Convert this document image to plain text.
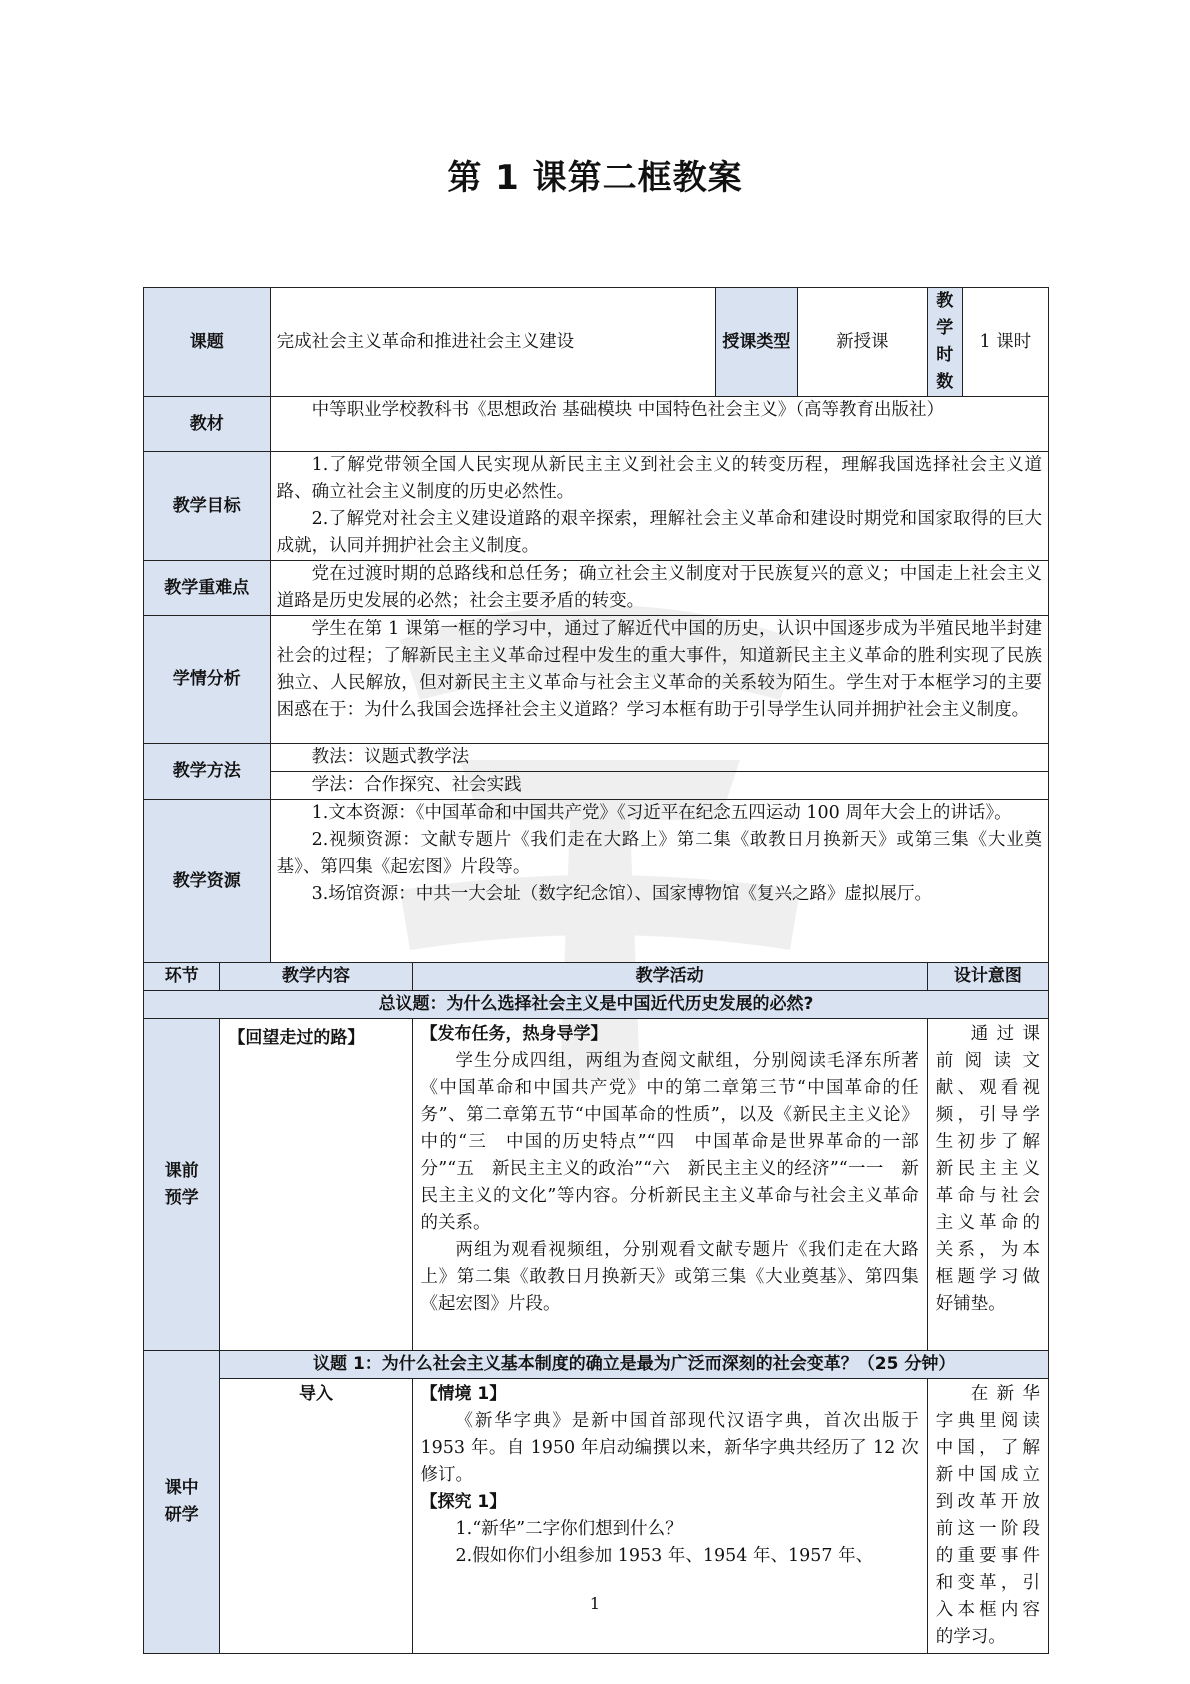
第 1 课第二框教案
课题		完成社会主义革命和推进社会主义建设		授课类型	新授课	教学时数	1 课时
教材		中等职业学校教科书《思想政治 基础模块 中国特色社会主义》（高等教育出版社）					

教学目标		1.了解党带领全国人民实现从新民主主义到社会主义的转变历程，理解我国选择社会主义道路、确立社会主义制度的历史必然性。

2.了解党对社会主义建设道路的艰辛探索，理解社会主义革命和建设时期党和国家取得的巨大成就，认同并拥护社会主义制度。					

教学重难点		党在过渡时期的总路线和总任务；确立社会主义制度对于民族复兴的意义；中国走上社会主义道路是历史发展的必然；社会主要矛盾的转变。					

学情分析		学生在第 1 课第一框的学习中，通过了解近代中国的历史，认识中国逐步成为半殖民地半封建社会的过程；了解新民主主义革命过程中发生的重大事件，知道新民主主义革命的胜利实现了民族独立、人民解放，但对新民主主义革命与社会主义革命的关系较为陌生。学生对于本框学习的主要困惑在于：为什么我国会选择社会主义道路？学习本框有助于引导学生认同并拥护社会主义制度。					

教学方法		教法：议题式教学法					

		学法：合作探究、社会实践					

教学资源		1.文本资源：《中国革命和中国共产党》《习近平在纪念五四运动 100 周年大会上的讲话》。

2.视频资源：文献专题片《我们走在大路上》第二集《敢教日月换新天》或第三集《大业奠基》、第四集《起宏图》片段等。

3.场馆资源：中共一大会址（数字纪念馆）、国家博物馆《复兴之路》虚拟展厅。					

环节	教学内容		教学活动			设计意图	
总议题：为什么选择社会主义是中国近代历史发展的必然?							
课前预学	【回望走过的路】		【发布任务，热身导学】

学生分成四组，两组为查阅文献组，分别阅读毛泽东所著《中国革命和中国共产党》中的第二章第三节“中国革命的任务”、第二章第五节“中国革命的性质”，以及《新民主主义论》中的“三　中国的历史特点”“四　中国革命是世界革命的一部分”“五　新民主主义的政治”“六　新民主主义的经济”“一一　新民主主义的文化”等内容。分析新民主主义革命与社会主义革命的关系。

两组为观看视频组，分别观看文献专题片《我们走在大路上》第二集《敢教日月换新天》或第三集《大业奠基》、第四集《起宏图》片段。			通过课前阅读文献、观看视频，引导学生初步了解新民主主义革命与社会主义革命的关系，为本框题学习做好铺垫。	

课中研学	议题 1：为什么社会主义基本制度的确立是最为广泛而深刻的社会变革？（25 分钟）						
	导入		【情境 1】

《新华字典》是新中国首部现代汉语字典，首次出版于 1953 年。自 1950 年启动编撰以来，新华字典共经历了 12 次修订。

【探究 1】

1.“新华”二字你们想到什么？

2.假如你们小组参加 1953 年、1954 年、1957 年、			在新华字典里阅读中国，了解新中国成立到改革开放前这一阶段的重要事件和变革，引入本框内容的学习。	

1
